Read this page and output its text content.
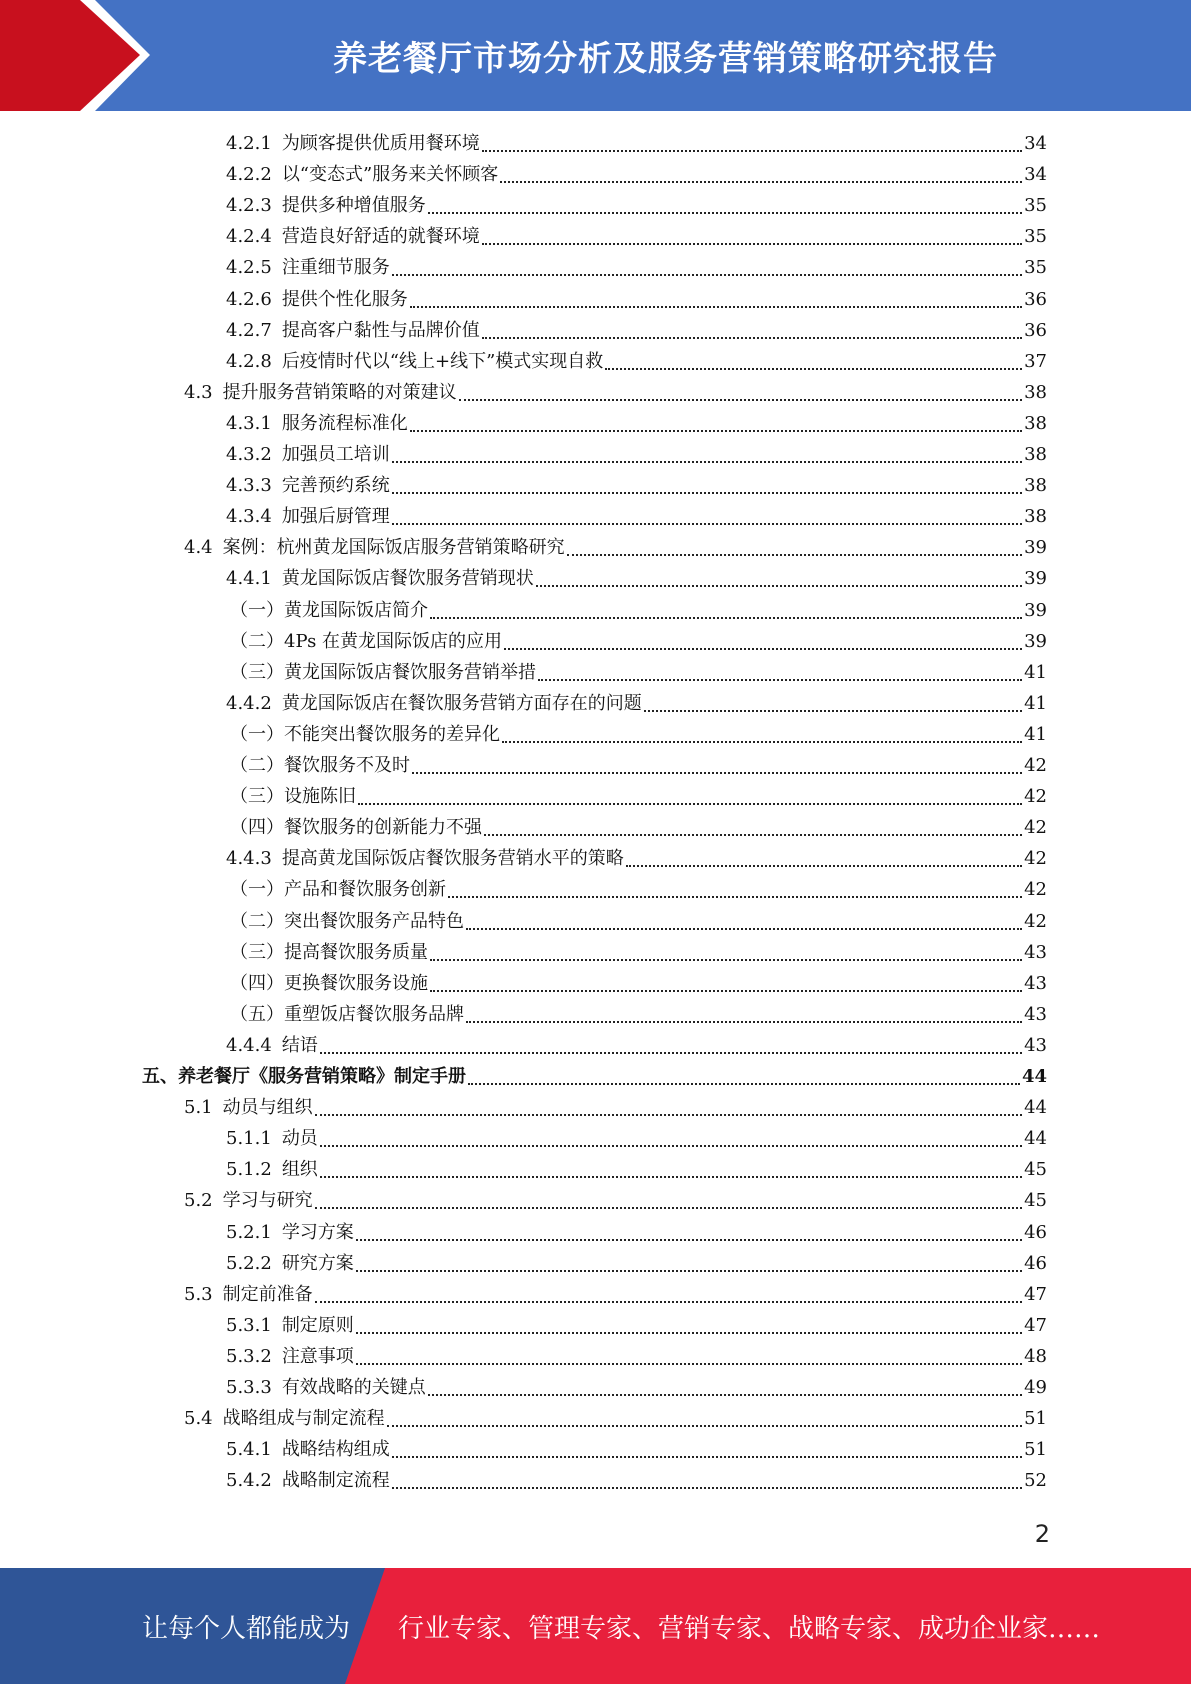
养老餐厅市场分析及服务营销策略研究报告
4.2.1 为顾客提供优质用餐环境	34
4.2.2 以“变态式”服务来关怀顾客	34
4.2.3 提供多种增值服务	35
4.2.4 营造良好舒适的就餐环境	35
4.2.5 注重细节服务	35
4.2.6 提供个性化服务	36
4.2.7 提高客户黏性与品牌价值	36
4.2.8 后疫情时代以“线上+线下”模式实现自救	37
4.3 提升服务营销策略的对策建议	38
4.3.1 服务流程标准化	38
4.3.2 加强员工培训	38
4.3.3 完善预约系统	38
4.3.4 加强后厨管理	38
4.4 案例：杭州黄龙国际饭店服务营销策略研究	39
4.4.1 黄龙国际饭店餐饮服务营销现状	39
（一）黄龙国际饭店简介	39
（二）4Ps 在黄龙国际饭店的应用	39
（三）黄龙国际饭店餐饮服务营销举措	41
4.4.2 黄龙国际饭店在餐饮服务营销方面存在的问题	41
（一）不能突出餐饮服务的差异化	41
（二）餐饮服务不及时	42
（三）设施陈旧	42
（四）餐饮服务的创新能力不强	42
4.4.3 提高黄龙国际饭店餐饮服务营销水平的策略	42
（一）产品和餐饮服务创新	42
（二）突出餐饮服务产品特色	42
（三）提高餐饮服务质量	43
（四）更换餐饮服务设施	43
（五）重塑饭店餐饮服务品牌	43
4.4.4 结语	43
五、养老餐厅《服务营销策略》制定手册	44
5.1 动员与组织	44
5.1.1 动员	44
5.1.2 组织	45
5.2 学习与研究	45
5.2.1 学习方案	46
5.2.2 研究方案	46
5.3 制定前准备	47
5.3.1 制定原则	47
5.3.2 注意事项	48
5.3.3 有效战略的关键点	49
5.4 战略组成与制定流程	51
5.4.1 战略结构组成	51
5.4.2 战略制定流程	52
2
让每个人都能成为 行业专家、管理专家、营销专家、战略专家、成功企业家……
